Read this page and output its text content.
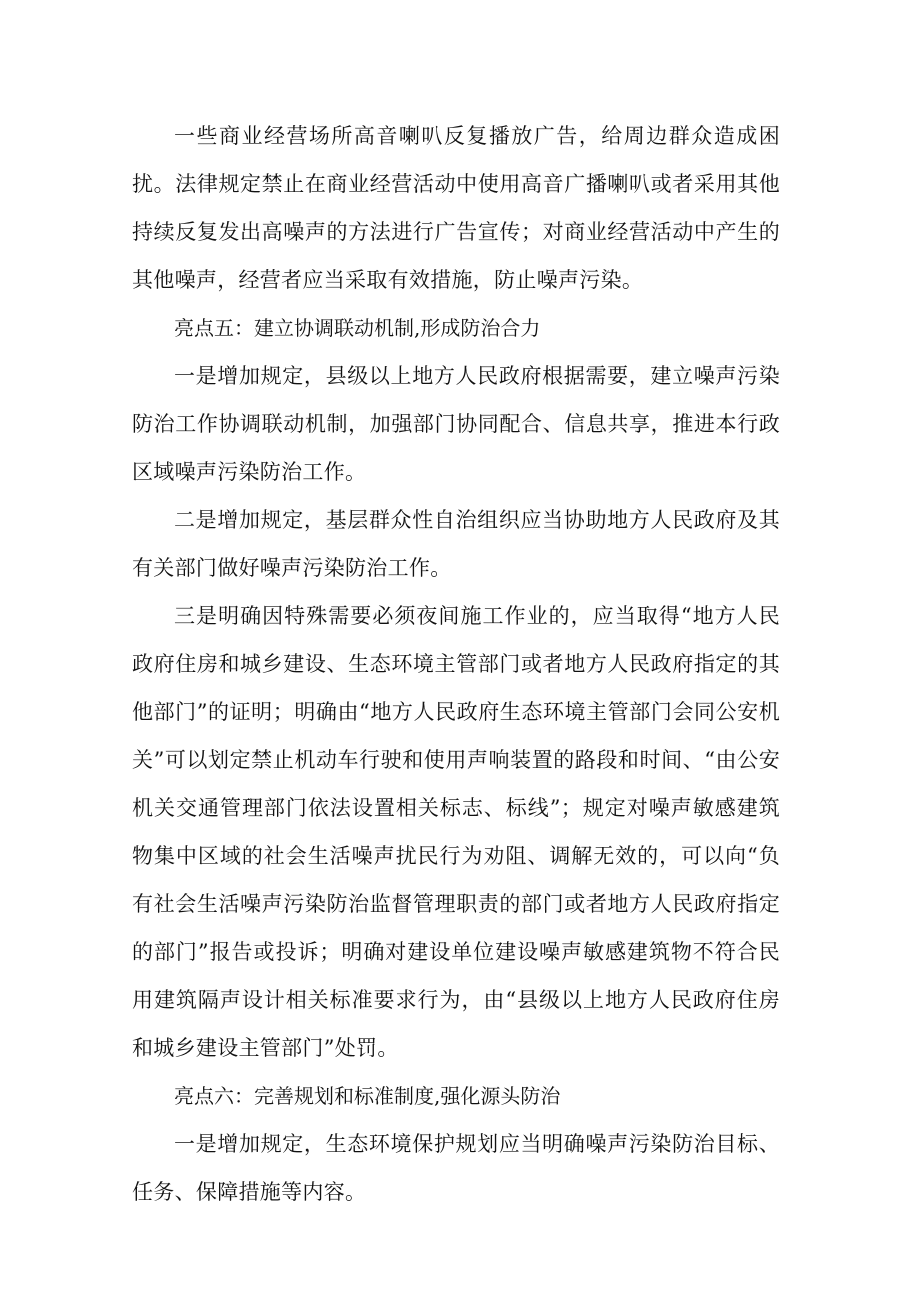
一些商业经营场所高音喇叭反复播放广告，给周边群众造成困扰。法律规定禁止在商业经营活动中使用高音广播喇叭或者采用其他持续反复发出高噪声的方法进行广告宣传；对商业经营活动中产生的其他噪声，经营者应当采取有效措施，防止噪声污染。

亮点五：建立协调联动机制,形成防治合力

一是增加规定，县级以上地方人民政府根据需要，建立噪声污染防治工作协调联动机制，加强部门协同配合、信息共享，推进本行政区域噪声污染防治工作。

二是增加规定，基层群众性自治组织应当协助地方人民政府及其有关部门做好噪声污染防治工作。

三是明确因特殊需要必须夜间施工作业的，应当取得“地方人民政府住房和城乡建设、生态环境主管部门或者地方人民政府指定的其他部门”的证明；明确由“地方人民政府生态环境主管部门会同公安机关”可以划定禁止机动车行驶和使用声响装置的路段和时间、“由公安机关交通管理部门依法设置相关标志、标线”；规定对噪声敏感建筑物集中区域的社会生活噪声扰民行为劝阻、调解无效的，可以向“负有社会生活噪声污染防治监督管理职责的部门或者地方人民政府指定的部门”报告或投诉；明确对建设单位建设噪声敏感建筑物不符合民用建筑隔声设计相关标准要求行为，由“县级以上地方人民政府住房和城乡建设主管部门”处罚。

亮点六：完善规划和标准制度,强化源头防治

一是增加规定，生态环境保护规划应当明确噪声污染防治目标、任务、保障措施等内容。
